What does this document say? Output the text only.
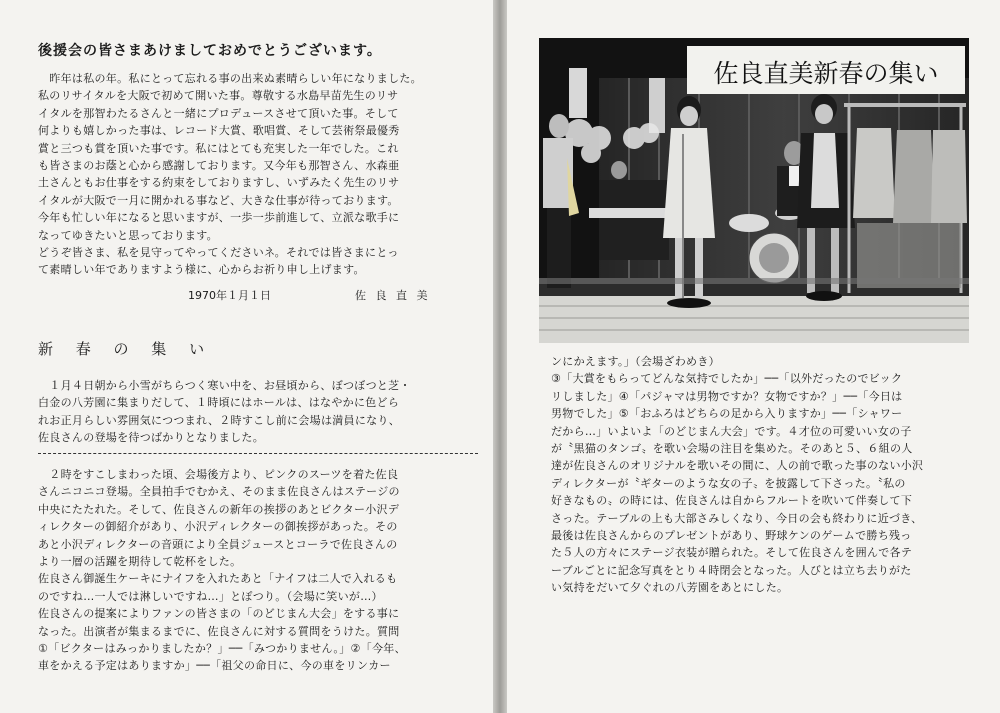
後援会の皆さまあけましておめでとうございます。
　昨年は私の年。私にとって忘れる事の出来ぬ素晴らしい年になりました。
私のリサイタルを大阪で初めて開いた事。尊敬する水島早苗先生のリサ
イタルを那智わたるさんと一緒にプロデュースさせて頂いた事。そして
何よりも嬉しかった事は、レコード大賞、歌唱賞、そして芸術祭最優秀
賞と三つも賞を頂いた事です。私にはとても充実した一年でした。これ
も皆さまのお蔭と心から感謝しております。又今年も那智さん、水森亜
土さんともお仕事をする約束をしておりますし、いずみたく先生のリサ
イタルが大阪で一月に開かれる事など、大きな仕事が待っております。
今年も忙しい年になると思いますが、一歩一歩前進して、立派な歌手に
なってゆきたいと思っております。
どうぞ皆さま、私を見守ってやってくださいネ。それでは皆さまにとっ
て素晴しい年でありますよう様に、心からお祈り申し上げます。
1970年１月１日	佐 良 直 美
新 春 の 集 い
　１月４日朝から小雪がちらつく寒い中を、お昼頃から、ぼつぼつと芝・
白金の八芳園に集まりだして、１時頃にはホールは、はなやかに色どら
れお正月らしい雰囲気につつまれ、２時すこし前に会場は満員になり、
佐良さんの登場を待つばかりとなりました。
　２時をすこしまわった頃、会場後方より、ピンクのスーツを着た佐良
さんニコニコ登場。全員拍手でむかえ、そのまま佐良さんはステージの
中央にたたれた。そして、佐良さんの新年の挨拶のあとビクター小沢デ
ィレクターの御紹介があり、小沢ディレクターの御挨拶があった。その
あと小沢ディレクターの音頭により全員ジュースとコーラで佐良さんの
より一層の活躍を期待して乾杯をした。
佐良さん御誕生ケーキにナイフを入れたあと「ナイフは二人で入れるも
のですね…一人では淋しいですね…」とぽつり。（会場に笑いが…）
佐良さんの提案によりファンの皆さまの「のどじまん大会」をする事に
なった。出演者が集まるまでに、佐良さんに対する質問をうけた。質問
①「ビクターはみっかりましたか？」──「みつかりません。」②「今年、
車をかえる予定はありますか」──「祖父の命日に、今の車をリンカー
佐良直美新春の集い
ンにかえます。」（会場ざわめき）
③「大賞をもらってどんな気持でしたか」──「以外だったのでビック
リしました」④「パジャマは男物ですか？女物ですか？」──「今日は
男物でした」⑤「おふろはどちらの足から入りますか」──「シャワー
だから…」いよいよ「のどじまん大会」です。４才位の可愛いい女の子
が〝黒猫のタンゴ〟を歌い会場の注目を集めた。そのあと５、６組の人
達が佐良さんのオリジナルを歌いその間に、人の前で歌った事のない小沢
ディレクターが〝ギターのような女の子〟を披露して下さった。〝私の
好きなもの〟の時には、佐良さんは自からフルートを吹いて伴奏して下
さった。テーブルの上も大部さみしくなり、今日の会も終わりに近づき、
最後は佐良さんからのプレゼントがあり、野球ケンのゲームで勝ち残っ
た５人の方々にステージ衣装が贈られた。そして佐良さんを囲んで各テ
ーブルごとに記念写真をとり４時閉会となった。人びとは立ち去りがた
い気持をだいて夕ぐれの八芳園をあとにした。
